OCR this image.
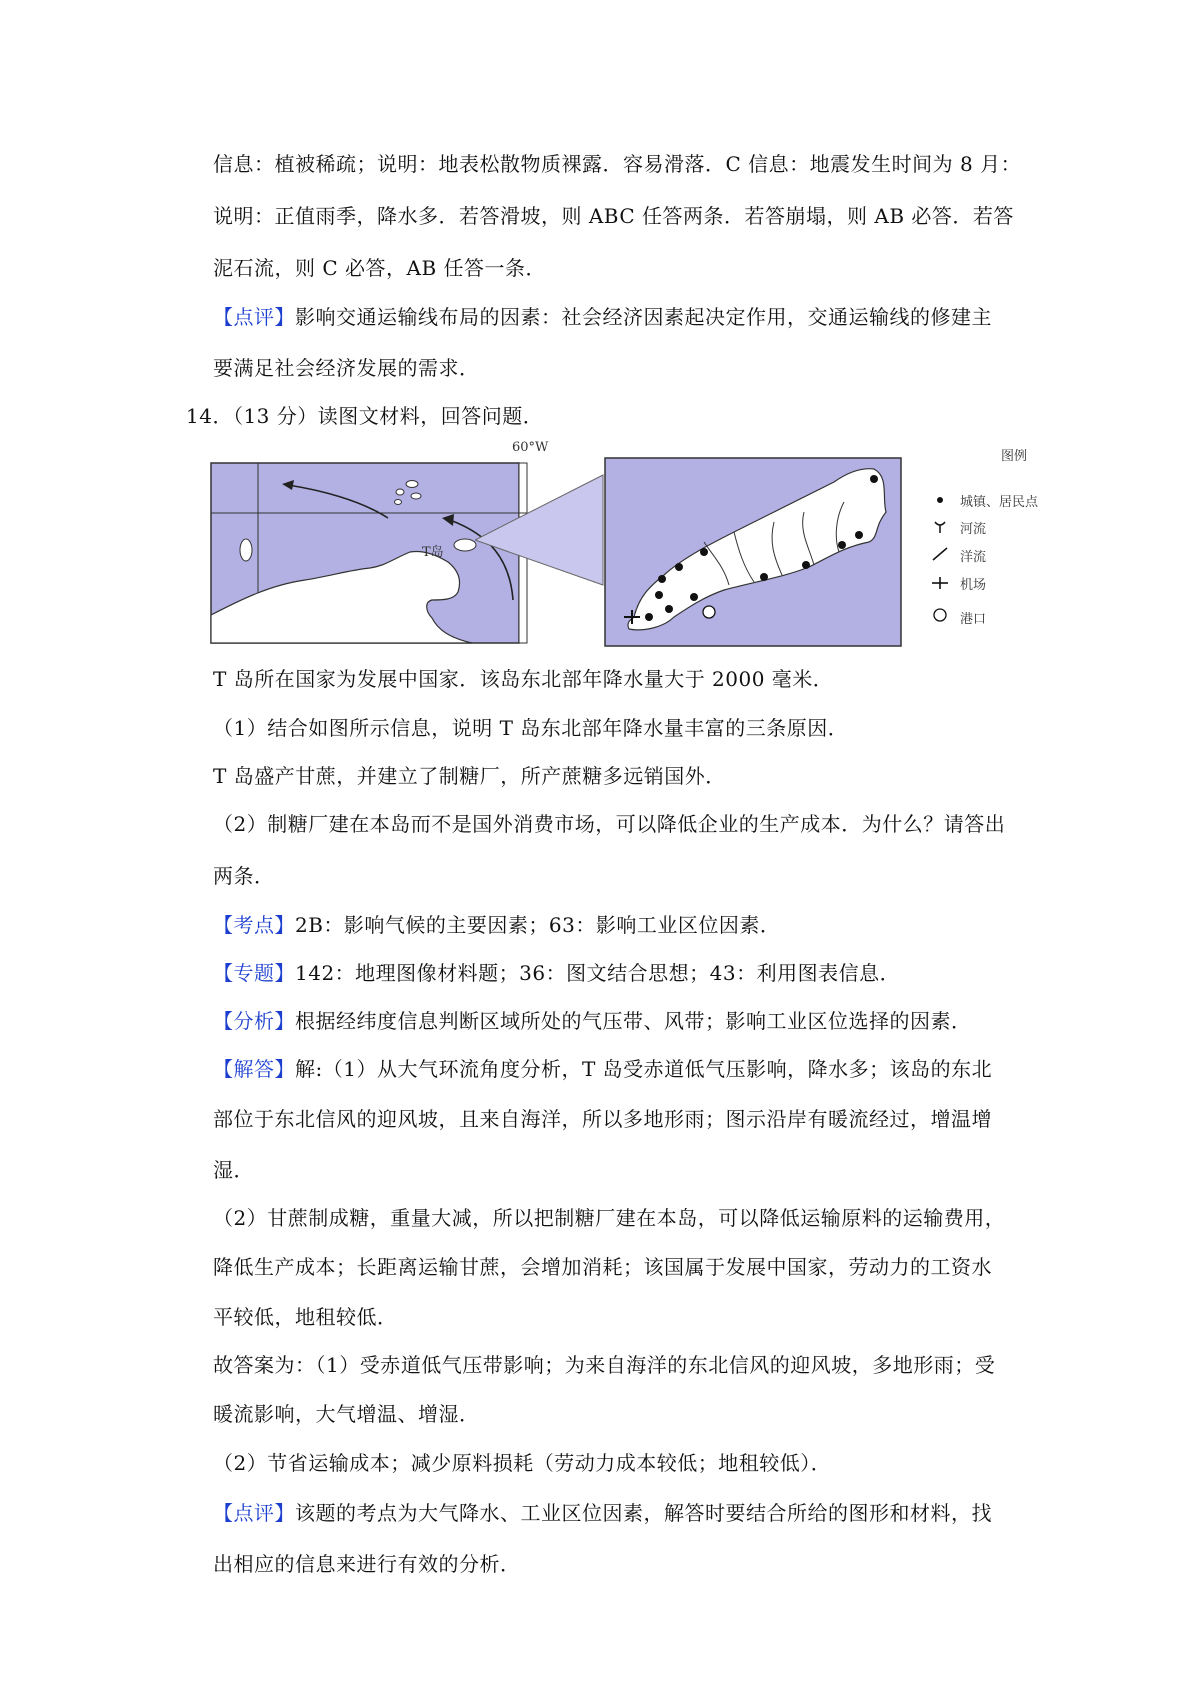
信息：植被稀疏；说明：地表松散物质裸露．容易滑落．C 信息：地震发生时间为 8 月：
说明：正值雨季，降水多．若答滑坡，则 ABC 任答两条．若答崩塌，则 AB 必答．若答
泥石流，则 C 必答，AB 任答一条．
【点评】影响交通运输线布局的因素：社会经济因素起决定作用，交通运输线的修建主
要满足社会经济发展的需求．
14．（13 分）读图文材料，回答问题．
60°W
T岛
图例
城镇、居民点
河流
洋流
机场
港口
T 岛所在国家为发展中国家．该岛东北部年降水量大于 2000 毫米．
（1）结合如图所示信息，说明 T 岛东北部年降水量丰富的三条原因．
T 岛盛产甘蔗，并建立了制糖厂，所产蔗糖多远销国外．
（2）制糖厂建在本岛而不是国外消费市场，可以降低企业的生产成本．为什么？请答出
两条．
【考点】2B：影响气候的主要因素；63：影响工业区位因素．
【专题】142：地理图像材料题；36：图文结合思想；43：利用图表信息．
【分析】根据经纬度信息判断区域所处的气压带、风带；影响工业区位选择的因素．
【解答】解:（1）从大气环流角度分析，T 岛受赤道低气压影响，降水多；该岛的东北
部位于东北信风的迎风坡，且来自海洋，所以多地形雨；图示沿岸有暖流经过，增温增
湿．
（2）甘蔗制成糖，重量大减，所以把制糖厂建在本岛，可以降低运输原料的运输费用，
降低生产成本；长距离运输甘蔗，会增加消耗；该国属于发展中国家，劳动力的工资水
平较低，地租较低．
故答案为：（1）受赤道低气压带影响；为来自海洋的东北信风的迎风坡，多地形雨；受
暖流影响，大气增温、增湿．
（2）节省运输成本；减少原料损耗（劳动力成本较低；地租较低）．
【点评】该题的考点为大气降水、工业区位因素，解答时要结合所给的图形和材料，找
出相应的信息来进行有效的分析．
